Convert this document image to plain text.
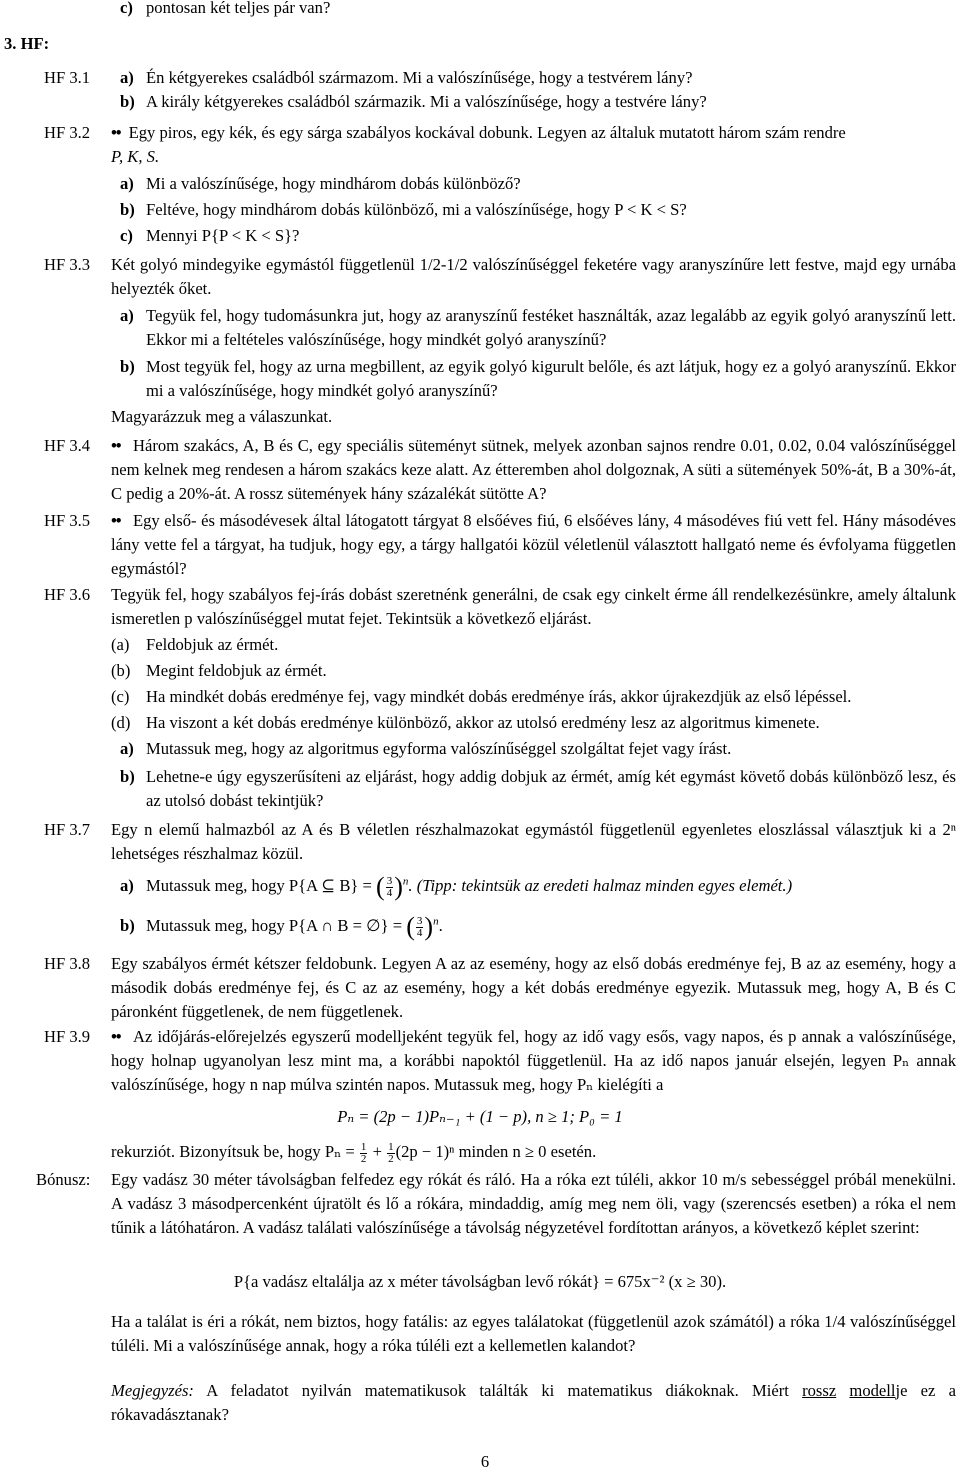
c) pontosan két teljes pár van?
3. HF:
HF 3.1 a) Én kétgyerekes családból származom. Mi a valószínűsége, hogy a testvérem lány?
b) A király kétgyerekes családból származik. Mi a valószínűsége, hogy a testvére lány?
HF 3.2 •• Egy piros, egy kék, és egy sárga szabályos kockával dobunk. Legyen az általuk mutatott három szám rendre
P, K, S.
a) Mi a valószínűsége, hogy mindhárom dobás különböző?
b) Feltéve, hogy mindhárom dobás különböző, mi a valószínűsége, hogy P < K < S?
c) Mennyi P{P < K < S}?
HF 3.3 Két golyó mindegyike egymástól függetlenül 1/2-1/2 valószínűséggel feketére vagy aranyszínűre lett festve, majd egy urnába helyezték őket.
a) Tegyük fel, hogy tudomásunkra jut, hogy az aranyszínű festéket használták, azaz legalább az egyik golyó aranyszínű lett. Ekkor mi a feltételes valószínűsége, hogy mindkét golyó aranyszínű?
b) Most tegyük fel, hogy az urna megbillent, az egyik golyó kigurult belőle, és azt látjuk, hogy ez a golyó aranyszínű. Ekkor mi a valószínűsége, hogy mindkét golyó aranyszínű?
Magyarázzuk meg a válaszunkat.
HF 3.4 •• Három szakács, A, B és C, egy speciális süteményt sütnek, melyek azonban sajnos rendre 0.01, 0.02, 0.04 valószínűséggel nem kelnek meg rendesen a három szakács keze alatt. Az étteremben ahol dolgoznak, A süti a sütemények 50%-át, B a 30%-át, C pedig a 20%-át. A rossz sütemények hány százalékát sütötte A?
HF 3.5 •• Egy első- és másodévesek által látogatott tárgyat 8 elsőéves fiú, 6 elsőéves lány, 4 másodéves fiú vett fel. Hány másodéves lány vette fel a tárgyat, ha tudjuk, hogy egy, a tárgy hallgatói közül véletlenül választott hallgató neme és évfolyama független egymástól?
HF 3.6 Tegyük fel, hogy szabályos fej-írás dobást szeretnénk generálni, de csak egy cinkelt érme áll rendelkezésünkre, amely általunk ismeretlen p valószínűséggel mutat fejet. Tekintsük a következő eljárást.
(a) Feldobjuk az érmét.
(b) Megint feldobjuk az érmét.
(c) Ha mindkét dobás eredménye fej, vagy mindkét dobás eredménye írás, akkor újrakezdjük az első lépéssel.
(d) Ha viszont a két dobás eredménye különböző, akkor az utolsó eredmény lesz az algoritmus kimenete.
a) Mutassuk meg, hogy az algoritmus egyforma valószínűséggel szolgáltat fejet vagy írást.
b) Lehetne-e úgy egyszerűsíteni az eljárást, hogy addig dobjuk az érmét, amíg két egymást követő dobás különböző lesz, és az utolsó dobást tekintjük?
HF 3.7 Egy n elemű halmazból az A és B véletlen részhalmazokat egymástól függetlenül egyenletes eloszlással választjuk ki a 2ⁿ lehetséges részhalmaz közül.
a) Mutassuk meg, hogy P{A ⊆ B} = ( $\frac{3}{4} )^n$. (Tipp: tekintsük az eredeti halmaz minden egyes elemét.)
b) Mutassuk meg, hogy P{A ∩ B = ∅} = ( $\frac{3}{4} )^n$.
HF 3.8 Egy szabályos érmét kétszer feldobunk. Legyen A az az esemény, hogy az első dobás eredménye fej, B az az esemény, hogy a második dobás eredménye fej, és C az az esemény, hogy a két dobás eredménye egyezik. Mutassuk meg, hogy A, B és C páronként függetlenek, de nem függetlenek.
HF 3.9 •• Az időjárás-előrejelzés egyszerű modelljeként tegyük fel, hogy az idő vagy esős, vagy napos, és p annak a valószínűsége, hogy holnap ugyanolyan lesz mint ma, a korábbi napoktól függetlenül. Ha az idő napos január elsején, legyen Pₙ annak valószínűsége, hogy n nap múlva szintén napos. Mutassuk meg, hogy Pₙ kielégíti a
Pₙ = (2p − 1)Pₙ₋₁ + (1 − p), n ≥ 1; P₀ = 1
rekurziót. Bizonyítsuk be, hogy $P_n = \frac{1}{2} + \frac{1}{2} (2p - 1)^n$ minden n ≥ 0 esetén.
Bónusz: Egy vadász 30 méter távolságban felfedez egy rókát és ráló. Ha a róka ezt túléli, akkor 10 m/s sebességgel próbál menekülni. A vadász 3 másodpercenként újratölt és lő a rókára, mindaddig, amíg meg nem öli, vagy (szerencsés esetben) a róka el nem tűnik a látóhatáron. A vadász találati valószínűsége a távolság négyzetével fordítottan arányos, a következő képlet szerint:
P{a vadász eltalálja az x méter távolságban levő rókát} = 675x⁻² (x ≥ 30).
Ha a találat is éri a rókát, nem biztos, hogy fatális: az egyes találatokat (függetlenül azok számától) a róka 1/4 valószínűséggel túléli. Mi a valószínűsége annak, hogy a róka túléli ezt a kellemetlen kalandot?
Megjegyzés: A feladatot nyilván matematikusok találták ki matematikus diákoknak. Miért rossz modellje ez a rókavadásztanak?
6
